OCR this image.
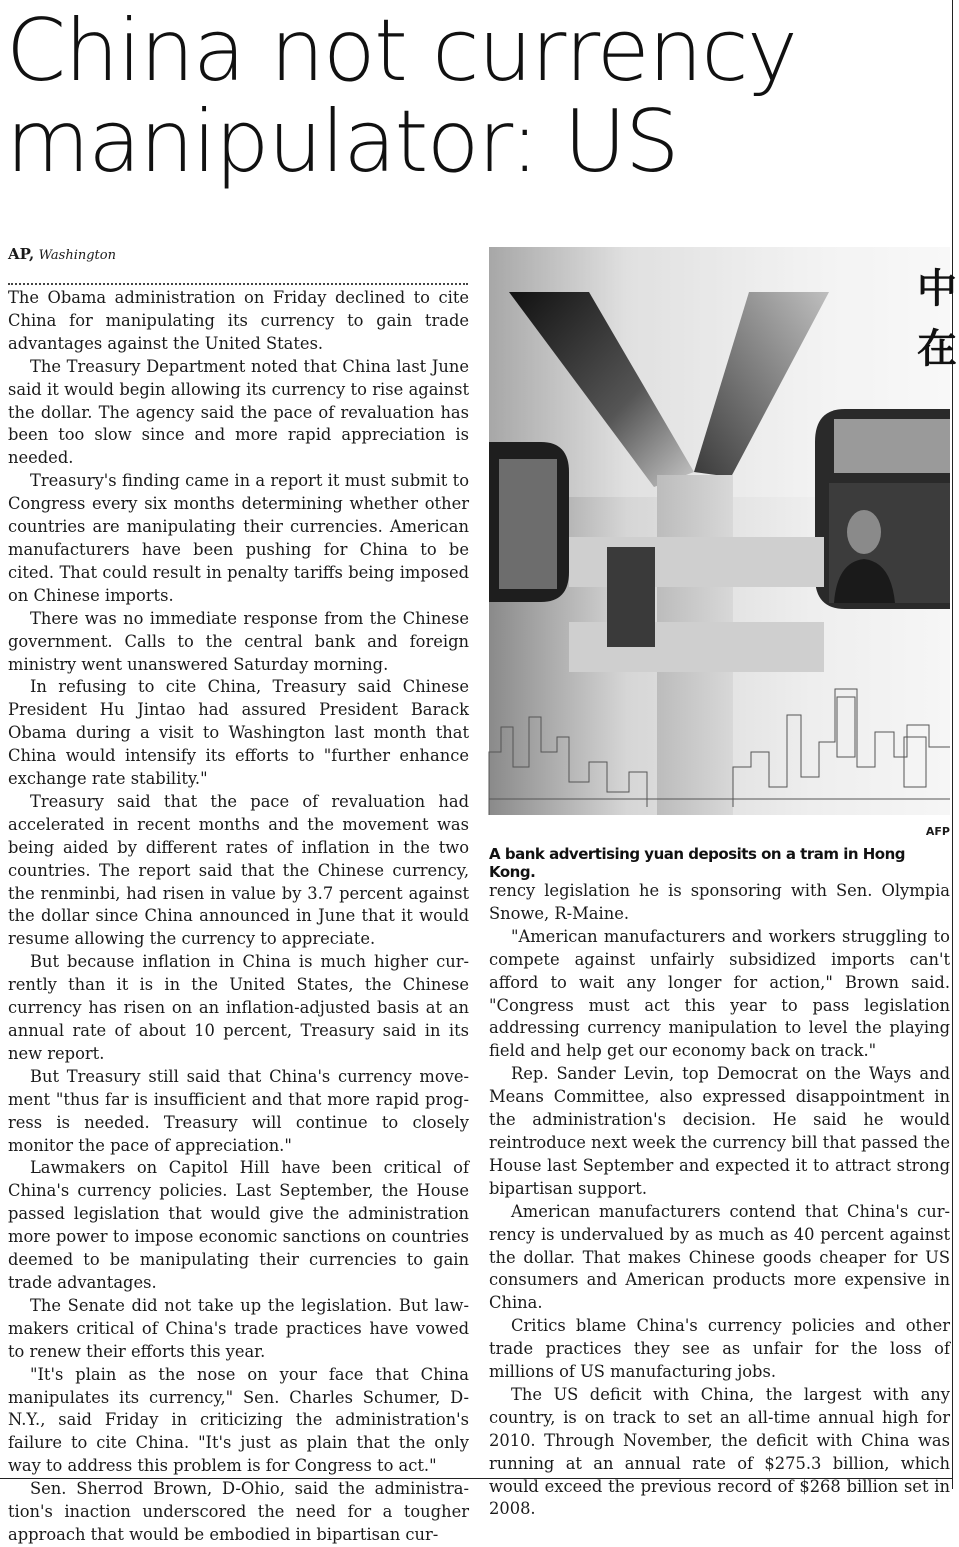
China not currency
manipulator: US
AP, Washington

The Obama administration on Friday declined to cite China for manipulating its currency to gain trade advantages against the United States.

The Treasury Department noted that China last June said it would begin allowing its currency to rise against the dollar. The agency said the pace of revaluation has been too slow since and more rapid appreciation is needed.

Treasury's finding came in a report it must submit to Congress every six months determining whether other countries are manipulating their currencies. American manufacturers have been pushing for China to be cited. That could result in penalty tariffs being imposed on Chinese imports.

There was no immediate response from the Chinese government. Calls to the central bank and foreign ministry went unanswered Saturday morning.

In refusing to cite China, Treasury said Chinese President Hu Jintao had assured President Barack Obama during a visit to Washington last month that China would intensify its efforts to "further enhance exchange rate stability."

Treasury said that the pace of revaluation had accelerated in recent months and the movement was being aided by different rates of inflation in the two countries. The report said that the Chinese currency, the renminbi, had risen in value by 3.7 percent against the dollar since China announced in June that it would resume allowing the currency to appreciate.

But because inflation in China is much higher currently than it is in the United States, the Chinese currency has risen on an inflation-adjusted basis at an annual rate of about 10 percent, Treasury said in its new report.

But Treasury still said that China's currency movement "thus far is insufficient and that more rapid progress is needed. Treasury will continue to closely monitor the pace of appreciation."

Lawmakers on Capitol Hill have been critical of China's currency policies. Last September, the House passed legislation that would give the administration more power to impose economic sanctions on countries deemed to be manipulating their currencies to gain trade advantages.

The Senate did not take up the legislation. But lawmakers critical of China's trade practices have vowed to renew their efforts this year.

"It's plain as the nose on your face that China manipulates its currency," Sen. Charles Schumer, D-N.Y., said Friday in criticizing the administration's failure to cite China. "It's just as plain that the only way to address this problem is for Congress to act."

Sen. Sherrod Brown, D-Ohio, said the administration's inaction underscored the need for a tougher approach that would be embodied in bipartisan cur-

中
在
AFP
A bank advertising yuan deposits on a tram in Hong Kong.

rency legislation he is sponsoring with Sen. Olympia Snowe, R-Maine.

"American manufacturers and workers struggling to compete against unfairly subsidized imports can't afford to wait any longer for action," Brown said. "Congress must act this year to pass legislation addressing currency manipulation to level the playing field and help get our economy back on track."

Rep. Sander Levin, top Democrat on the Ways and Means Committee, also expressed disappointment in the administration's decision. He said he would reintroduce next week the currency bill that passed the House last September and expected it to attract strong bipartisan support.

American manufacturers contend that China's currency is undervalued by as much as 40 percent against the dollar. That makes Chinese goods cheaper for US consumers and American products more expensive in China.

Critics blame China's currency policies and other trade practices they see as unfair for the loss of millions of US manufacturing jobs.

The US deficit with China, the largest with any country, is on track to set an all-time annual high for 2010. Through November, the deficit with China was running at an annual rate of $275.3 billion, which would exceed the previous record of $268 billion set in 2008.
